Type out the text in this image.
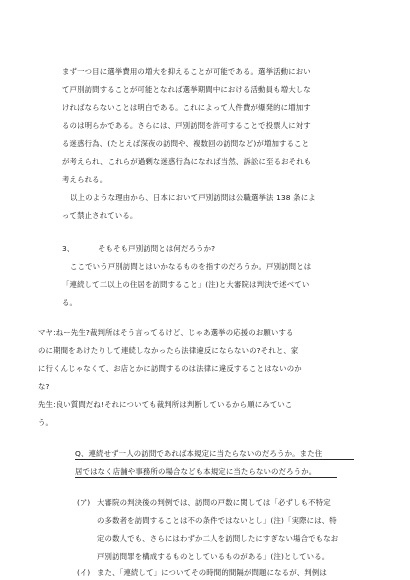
まず一つ目に選挙費用の増大を抑えることが可能である。選挙活動におい
て戸別訪問することが可能となれば選挙期間中における活動員も増大しな
ければならないことは明白である。これによって人件費が爆発的に増加す
るのは明らかである。さらには、戸別訪問を許可することで投票人に対す
る迷惑行為、(たとえば深夜の訪問や、複数回の訪問など)が増加すること
が考えられ、これらが過剰な迷惑行為になれば当然、訴訟に至るおそれも
考えられる。
以上のような理由から、日本において戸別訪問は公職選挙法 138 条によ
って禁止されている。
3、	そもそも戸別訪問とは何だろうか?
ここでいう戸別訪問とはいかなるものを指すのだろうか。戸別訪問とは
「連続して二以上の住居を訪問すること」(注)と大審院は判決で述べてい
る。
マヤ:ねー先生?裁判所はそう言ってるけど、じゃあ選挙の応援のお願いする
のに期間をあけたりして連続しなかったら法律違反にならないの?それと、家
に行くんじゃなくて、お店とかに訪問するのは法律に違反することはないのか
な?
先生:良い質問だね!それについても裁判所は判断しているから順にみていこ
う。
Q、連続せず一人の訪問であれば本規定に当たらないのだろうか。また住
居ではなく店舗や事務所の場合なども本規定に当たらないのだろうか。
(ア) 大審院の判決後の判例では、訪問の戸数に関しては「必ずしも不特定
の多数者を訪問することは不の条件ではないとし」(注)「実際には、特
定の数人でも、さらにはわずか二人を訪問したにすぎない場合でもなお
戸別訪問罪を構成するものとしているものがある」(注)としている。
(イ) また、「連続して」についてその時間的間隔が問題になるが、判例は
